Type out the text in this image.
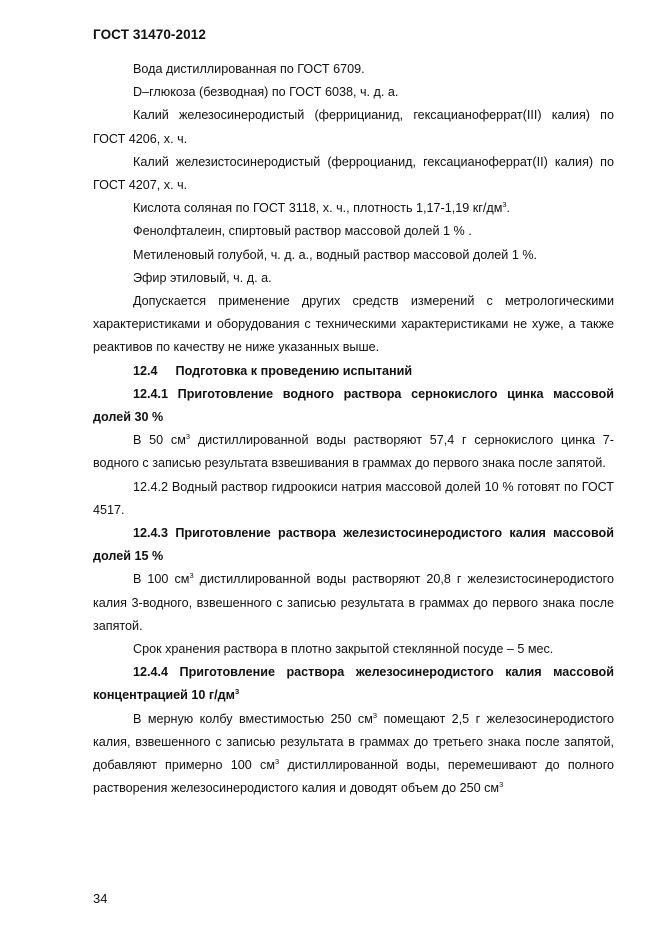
ГОСТ 31470-2012

Вода дистиллированная по ГОСТ 6709.

D–глюкоза (безводная) по ГОСТ 6038, ч. д. а.

Калий железосинеродистый (феррицианид, гексацианоферрат(III) калия) по ГОСТ 4206, х. ч.

Калий железистосинеродистый (ферроцианид, гексацианоферрат(II) калия) по ГОСТ 4207, х. ч.

Кислота соляная по ГОСТ 3118, х. ч., плотность 1,17-1,19 $кг/дм^3$.

Фенолфталеин, спиртовый раствор массовой долей 1 % .

Метиленовый голубой, ч. д. а., водный раствор массовой долей 1 %.

Эфир этиловый, ч. д. а.

Допускается применение других средств измерений с метрологическими характеристиками и оборудования с техническими характеристиками не хуже, а также реактивов по качеству не ниже указанных выше.

12.4 Подготовка к проведению испытаний

12.4.1 Приготовление водного раствора сернокислого цинка массовой долей 30 %

В 50 $см^3$ дистиллированной воды растворяют 57,4 г сернокислого цинка 7-водного с записью результата взвешивания в граммах до первого знака после запятой.

12.4.2 Водный раствор гидроокиси натрия массовой долей 10 % готовят по ГОСТ 4517.

12.4.3 Приготовление раствора железистосинеродистого калия массовой долей 15 %

В 100 $см^3$ дистиллированной воды растворяют 20,8 г железистосинеродистого калия 3-водного, взвешенного с записью результата в граммах до первого знака после запятой.

Срок хранения раствора в плотно закрытой стеклянной посуде – 5 мес.

12.4.4 Приготовление раствора железосинеродистого калия массовой концентрацией 10 $г/дм^3$

В мерную колбу вместимостью 250 $см^3$ помещают 2,5 г железосинеродистого калия, взвешенного с записью результата в граммах до третьего знака после запятой, добавляют примерно 100 $см^3$ дистиллированной воды, перемешивают до полного растворения железосинеродистого калия и доводят объем до 250 $см^3$

34
